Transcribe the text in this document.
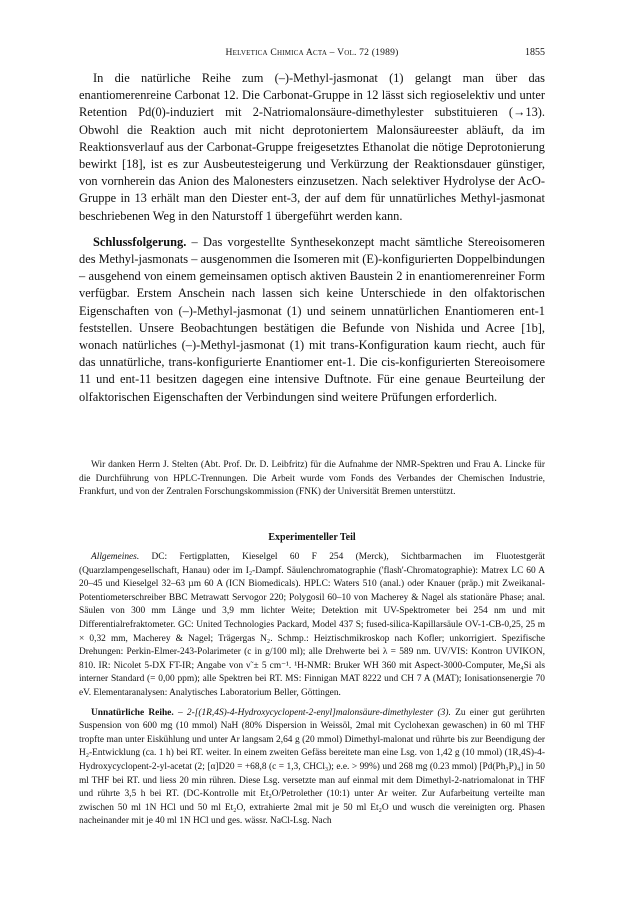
Helvetica Chimica Acta – Vol. 72 (1989)	1855

In die natürliche Reihe zum (–)-Methyl-jasmonat (1) gelangt man über das enantiomerenreine Carbonat 12. Die Carbonat-Gruppe in 12 lässt sich regioselektiv und unter Retention Pd(0)-induziert mit 2-Natriomalonsäure-dimethylester substituieren (→13). Obwohl die Reaktion auch mit nicht deprotoniertem Malonsäureester abläuft, da im Reaktionsverlauf aus der Carbonat-Gruppe freigesetztes Ethanolat die nötige Deprotonierung bewirkt [18], ist es zur Ausbeutesteigerung und Verkürzung der Reaktionsdauer günstiger, von vornherein das Anion des Malonesters einzusetzen. Nach selektiver Hydrolyse der AcO-Gruppe in 13 erhält man den Diester ent-3, der auf dem für unnatürliches Methyl-jasmonat beschriebenen Weg in den Naturstoff 1 übergeführt werden kann.

Schlussfolgerung. – Das vorgestellte Synthesekonzept macht sämtliche Stereoisomeren des Methyl-jasmonats – ausgenommen die Isomeren mit (E)-konfigurierten Doppelbindungen – ausgehend von einem gemeinsamen optisch aktiven Baustein 2 in enantiomerenreiner Form verfügbar. Erstem Anschein nach lassen sich keine Unterschiede in den olfaktorischen Eigenschaften von (–)-Methyl-jasmonat (1) und seinem unnatürlichen Enantiomeren ent-1 feststellen. Unsere Beobachtungen bestätigen die Befunde von Nishida und Acree [1b], wonach natürliches (–)-Methyl-jasmonat (1) mit trans-Konfiguration kaum riecht, auch für das unnatürliche, trans-konfigurierte Enantiomer ent-1. Die cis-konfigurierten Stereoisomere 11 und ent-11 besitzen dagegen eine intensive Duftnote. Für eine genaue Beurteilung der olfaktorischen Eigenschaften der Verbindungen sind weitere Prüfungen erforderlich.

Wir danken Herrn J. Stelten (Abt. Prof. Dr. D. Leibfritz) für die Aufnahme der NMR-Spektren und Frau A. Lincke für die Durchführung von HPLC-Trennungen. Die Arbeit wurde vom Fonds des Verbandes der Chemischen Industrie, Frankfurt, und von der Zentralen Forschungskommission (FNK) der Universität Bremen unterstützt.

Experimenteller Teil

Allgemeines. DC: Fertigplatten, Kieselgel 60 F 254 (Merck), Sichtbarmachen im Fluotestgerät (Quarzlampengesellschaft, Hanau) oder im I₂-Dampf. Säulenchromatographie ('flash'-Chromatographie): Matrex LC 60 A 20–45 und Kieselgel 32–63 µm 60 A (ICN Biomedicals). HPLC: Waters 510 (anal.) oder Knauer (präp.) mit Zweikanal-Potentiometerschreiber BBC Metrawatt Servogor 220; Polygosil 60–10 von Macherey & Nagel als stationäre Phase; anal. Säulen von 300 mm Länge und 3,9 mm lichter Weite; Detektion mit UV-Spektrometer bei 254 nm und mit Differentialrefraktometer. GC: United Technologies Packard, Model 437 S; fused-silica-Kapillarsäule OV-1-CB-0,25, 25 m × 0,32 mm, Macherey & Nagel; Trägergas N₂. Schmp.: Heiztischmikroskop nach Kofler; unkorrigiert. Spezifische Drehungen: Perkin-Elmer-243-Polarimeter (c in g/100 ml); alle Drehwerte bei λ = 589 nm. UV/VIS: Kontron UVIKON, 810. IR: Nicolet 5-DX FT-IR; Angabe von ν̃ ± 5 cm⁻¹. ¹H-NMR: Bruker WH 360 mit Aspect-3000-Computer, Me₄Si als interner Standard (= 0,00 ppm); alle Spektren bei RT. MS: Finnigan MAT 8222 und CH 7 A (MAT); Ionisationsenergie 70 eV. Elementaranalysen: Analytisches Laboratorium Beller, Göttingen.

Unnatürliche Reihe. – 2-[(1R,4S)-4-Hydroxycyclopent-2-enyl]malonsäure-dimethylester (3). Zu einer gut gerührten Suspension von 600 mg (10 mmol) NaH (80% Dispersion in Weissöl, 2mal mit Cyclohexan gewaschen) in 60 ml THF tropfte man unter Eiskühlung und unter Ar langsam 2,64 g (20 mmol) Dimethyl-malonat und rührte bis zur Beendigung der H₂-Entwicklung (ca. 1 h) bei RT. weiter. In einem zweiten Gefäss bereitete man eine Lsg. von 1,42 g (10 mmol) (1R,4S)-4-Hydroxycyclopent-2-yl-acetat (2; [α]D20 = +68,8 (c = 1,3, CHCl₃); e.e. > 99%) und 268 mg (0.23 mmol) [Pd(Ph₃P)₄] in 50 ml THF bei RT. und liess 20 min rühren. Diese Lsg. versetzte man auf einmal mit dem Dimethyl-2-natriomalonat in THF und rührte 3,5 h bei RT. (DC-Kontrolle mit Et₂O/Petrolether (10:1) unter Ar weiter. Zur Aufarbeitung verteilte man zwischen 50 ml 1N HCl und 50 ml Et₂O, extrahierte 2mal mit je 50 ml Et₂O und wusch die vereinigten org. Phasen nacheinander mit je 40 ml 1N HCl und ges. wässr. NaCl-Lsg. Nach
